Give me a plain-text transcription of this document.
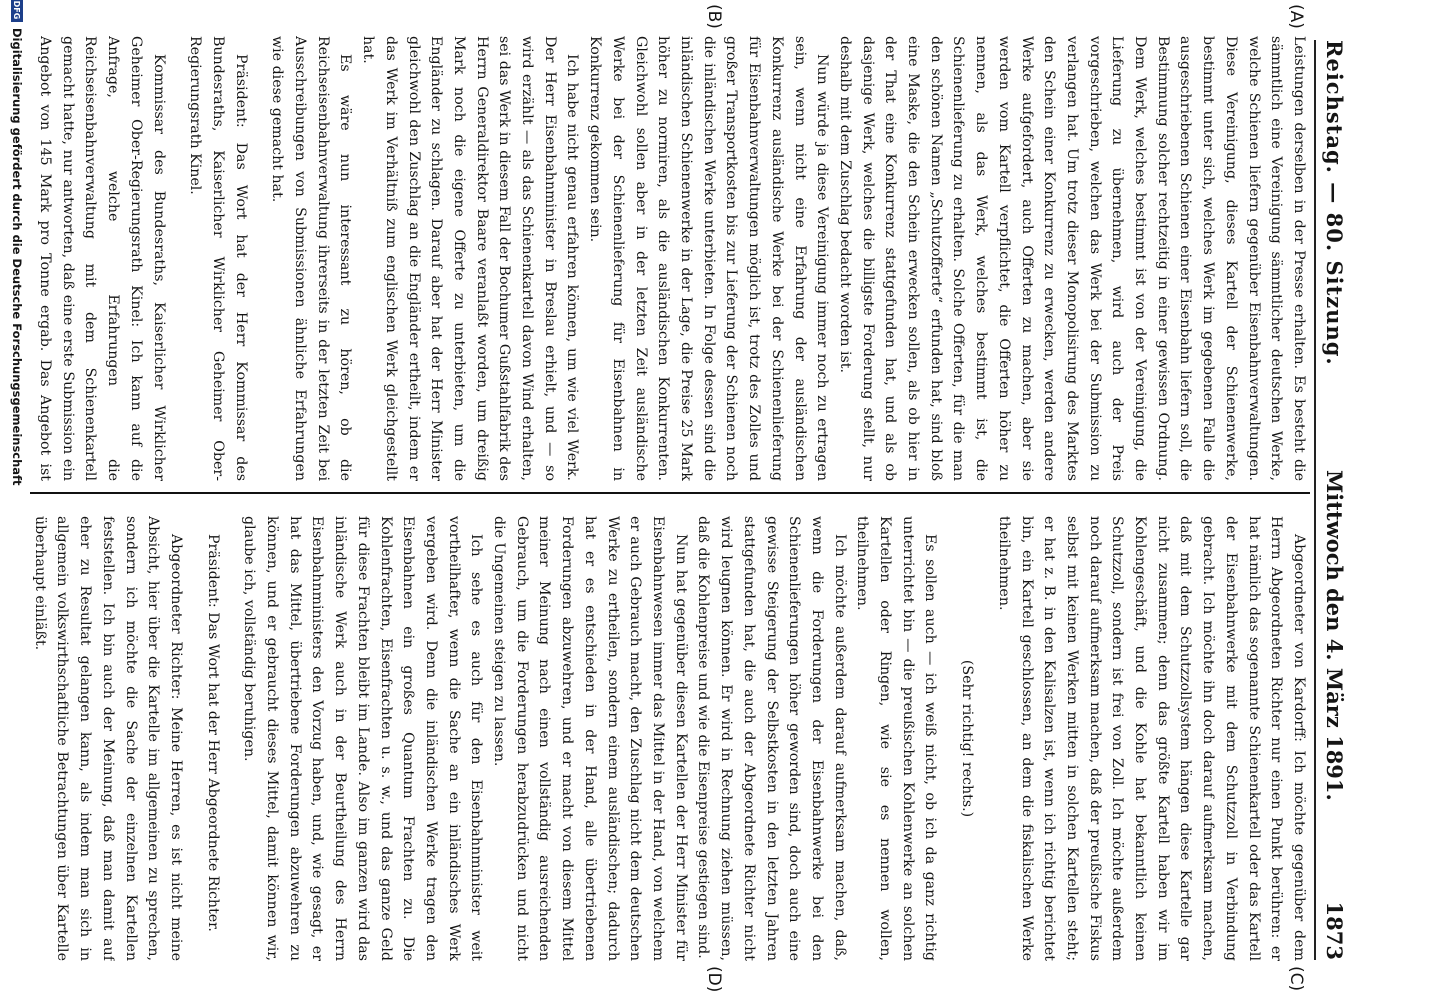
Reichstag. — 80. Sitzung.
Mittwoch den 4. März 1891.
1873
(A)
(B)
(C)
(D)

Leistungen derselben in der Presse erhalten. Es besteht die sämmtlich eine Vereinigung sämmtlicher deutschen Werke, welche Schienen liefern gegenüber Eisenbahnverwaltungen. Diese Vereinigung, dieses Kartell der Schienenwerke, bestimmt unter sich, welches Werk im gegebenen Falle die ausgeschriebenen Schienen einer Eisenbahn liefern soll, die Bestimmung solcher rechtzeitig in einer gewissen Ordnung. Dem Werk, welches bestimmt ist von der Vereinigung, die Lieferung zu übernehmen, wird auch der Preis vorgeschrieben, welchen das Werk bei der Submission zu verlangen hat. Um trotz dieser Monopolisirung des Marktes den Schein einer Konkurrenz zu erwecken, werden andere Werke aufgefordert, auch Offerten zu machen, aber sie werden vom Kartell verpflichtet, die Offerten höher zu nennen, als das Werk, welches bestimmt ist, die Schienenlieferung zu erhalten. Solche Offerten, für die man den schönen Namen „Schutzofferte“ erfunden hat, sind bloß eine Maske, die den Schein erwecken sollen, als ob hier in der That eine Konkurrenz stattgefunden hat, und als ob dasjenige Werk, welches die billigste Forderung stellt, nur deshalb mit dem Zuschlag bedacht worden ist.

Nun würde ja diese Vereinigung immer noch zu ertragen sein, wenn nicht eine Erfahrung der ausländischen Konkurrenz ausländische Werke bei der Schienenlieferung für Eisenbahnverwaltungen möglich ist, trotz des Zolles und großer Transportkosten bis zur Lieferung der Schienen noch die inländischen Werke unterbieten. In Folge dessen sind die inländischen Schienenwerke in der Lage, die Preise 25 Mark höher zu normiren, als die ausländischen Konkurrenten. Gleichwohl sollen aber in der letzten Zeit ausländische Werke bei der Schienenlieferung für Eisenbahnen in Konkurrenz gekommen sein.

Ich habe nicht genau erfahren können, um wie viel Werk. Der Herr Eisenbahnminister in Breslau erhielt, und — so wird erzählt — als das Schienenkartell davon Wind erhalten, sei das Werk in diesem Fall der Bochumer Gußstahlfabrik des Herrn Generaldirektor Baare veranlaßt worden, um dreißig Mark noch die eigene Offerte zu unterbieten, um die Engländer zu schlagen. Darauf aber hat der Herr Minister gleichwohl den Zuschlag an die Engländer ertheilt, indem er das Werk im Verhältniß zum englischen Werk gleichgestellt hat.

Es wäre nun interessant zu hören, ob die Reichseisenbahnverwaltung ihrerseits in der letzten Zeit bei Ausschreibungen von Submissionen ähnliche Erfahrungen wie diese gemacht hat.

Präsident: Das Wort hat der Herr Kommissar des Bundesraths, Kaiserlicher Wirklicher Geheimer Ober-Regierungsrath Kinel.

Kommissar des Bundesraths, Kaiserlicher Wirklicher Geheimer Ober-Regierungsrath Kinel: Ich kann auf die Anfrage, welche Erfahrungen die Reichseisenbahnverwaltung mit dem Schienenkartell gemacht hatte, nur antworten, daß eine erste Submission ein Angebot von 145 Mark pro Tonne ergab. Das Angebot ist

Abgeordneter von Kardorff: Ich möchte gegenüber dem Herrn Abgeordneten Richter nur einen Punkt berühren: er hat nämlich das sogenannte Schienenkartell oder das Kartell der Eisenbahnwerke mit dem Schutzzoll in Verbindung gebracht. Ich möchte ihn doch darauf aufmerksam machen, daß mit dem Schutzzollsystem hängen diese Kartelle gar nicht zusammen; denn das größte Kartell haben wir im Kohlengeschäft, und die Kohle hat bekanntlich keinen Schutzzoll, sondern ist frei von Zoll. Ich möchte außerdem noch darauf aufmerksam machen, daß der preußische Fiskus selbst mit keinen Werken mitten in solchen Kartellen steht; er hat z. B. in den Kalisalzen ist, wenn ich richtig berichtet bin, ein Kartell geschlossen, an dem die fiskalischen Werke theilnehmen.

(Sehr richtig! rechts.)

Es sollen auch — ich weiß nicht, ob ich da ganz richtig unterrichtet bin — die preußischen Kohlenwerke an solchen Kartellen oder Ringen, wie sie es nennen wollen, theilnehmen.

Ich möchte außerdem darauf aufmerksam machen, daß, wenn die Forderungen der Eisenbahnwerke bei den Schienenlieferungen höher geworden sind, doch auch eine gewisse Steigerung der Selbstkosten in den letzten Jahren stattgefunden hat, die auch der Abgeordnete Richter nicht wird leugnen können. Er wird in Rechnung ziehen müssen, daß die Kohlenpreise und wie die Eisenpreise gestiegen sind.

Nun hat gegenüber diesen Kartellen der Herr Minister für Eisenbahnwesen immer das Mittel in der Hand, von welchem er auch Gebrauch macht, den Zuschlag nicht dem deutschen Werke zu ertheilen, sondern einem ausländischen; dadurch hat er es entschieden in der Hand, alle übertriebenen Forderungen abzuwehren, und er macht von diesem Mittel meiner Meinung nach einen vollständig ausreichenden Gebrauch, um die Forderungen herabzudrücken und nicht die Ungemeinen steigen zu lassen.

Ich sehe es auch für den Eisenbahnminister weit vortheilhafter, wenn die Sache an ein inländisches Werk vergeben wird. Denn die inländischen Werke tragen den Eisenbahnen ein großes Quantum Frachten zu. Die Kohlenfrachten, Eisenfrachten u. s. w., und das ganze Geld für diese Frachten bleibt im Lande. Also im ganzen wird das inländische Werk auch in der Beurtheilung des Herrn Eisenbahnministers den Vorzug haben, und, wie gesagt, er hat das Mittel, übertriebene Forderungen abzuwehren zu können, und er gebraucht dieses Mittel, damit können wir, glaube ich, vollständig beruhigen.

Präsident: Das Wort hat der Herr Abgeordnete Richter.

Abgeordneter Richter: Meine Herren, es ist nicht meine Absicht, hier über die Kartelle im allgemeinen zu sprechen, sondern ich möchte die Sache der einzelnen Kartellen feststellen. Ich bin auch der Meinung, daß man damit auf eher zu Resultat gelangen kann, als indem man sich in allgemein volkswirthschaftliche Betrachtungen über Kartelle überhaupt einläßt.

DFG
Digitalisierung gefördert durch die Deutsche Forschungsgemeinschaft
